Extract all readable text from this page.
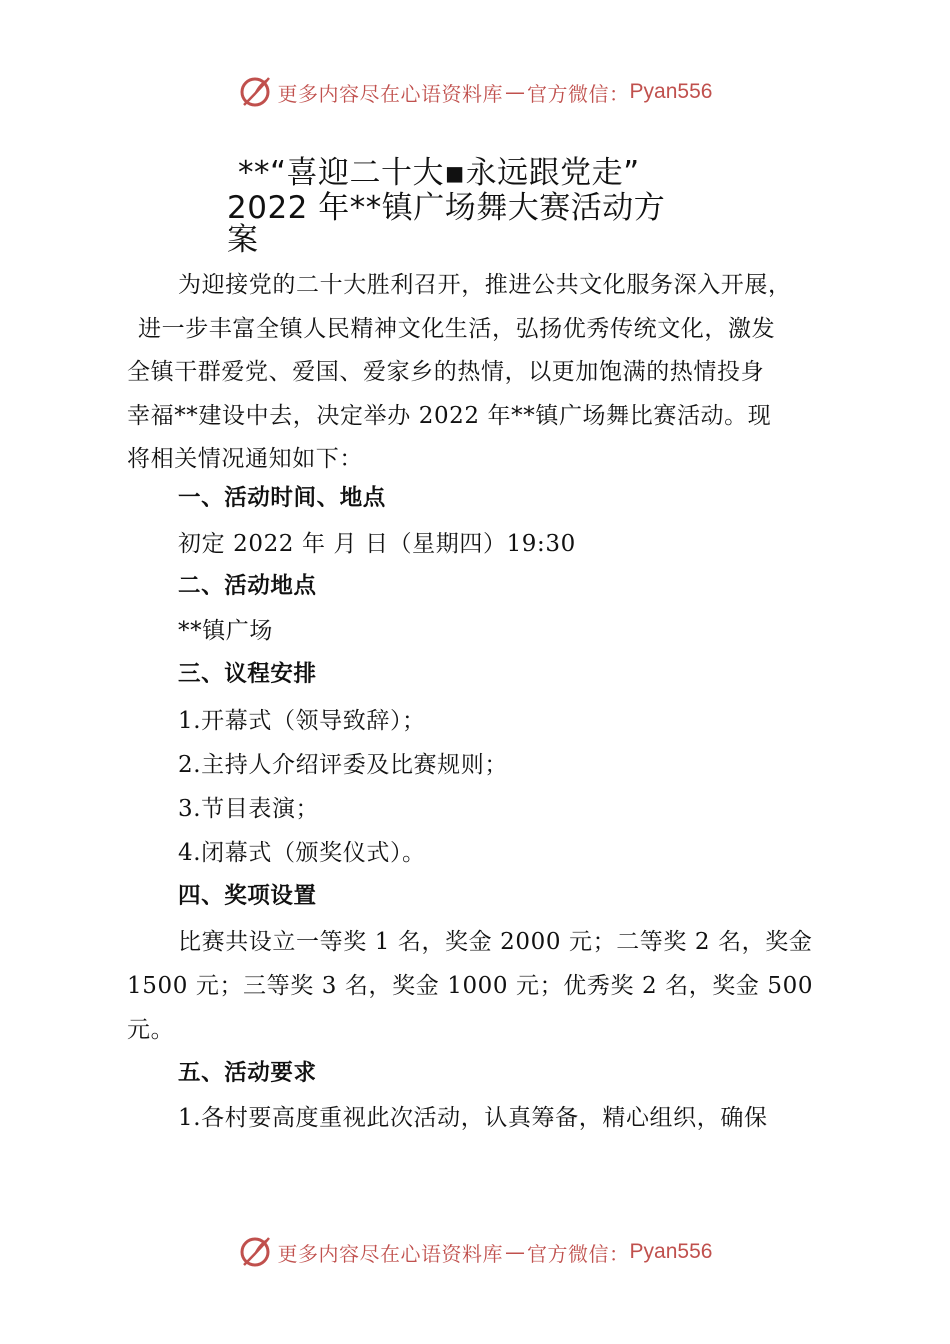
更多内容尽在心语资料库 — 官方微信： Pyan556
**“喜迎二十大▪永远跟党走”
2022 年**镇广场舞大赛活动方
案
为迎接党的二十大胜利召开，推进公共文化服务深入开展，
进一步丰富全镇人民精神文化生活，弘扬优秀传统文化，激发
全镇干群爱党、爱国、爱家乡的热情，以更加饱满的热情投身
幸福**建设中去，决定举办 2022 年**镇广场舞比赛活动。现
将相关情况通知如下：
一、活动时间、地点
初定 2022 年 月 日（星期四）19:30
二、活动地点
**镇广场
三、议程安排
1.开幕式（领导致辞）；
2.主持人介绍评委及比赛规则；
3.节目表演；
4.闭幕式（颁奖仪式）。
四、奖项设置
比赛共设立一等奖 1 名，奖金 2000 元；二等奖 2 名，奖金
1500 元；三等奖 3 名，奖金 1000 元；优秀奖 2 名，奖金 500
元。
五、活动要求
1.各村要高度重视此次活动，认真筹备，精心组织，确保
更多内容尽在心语资料库 — 官方微信： Pyan556
